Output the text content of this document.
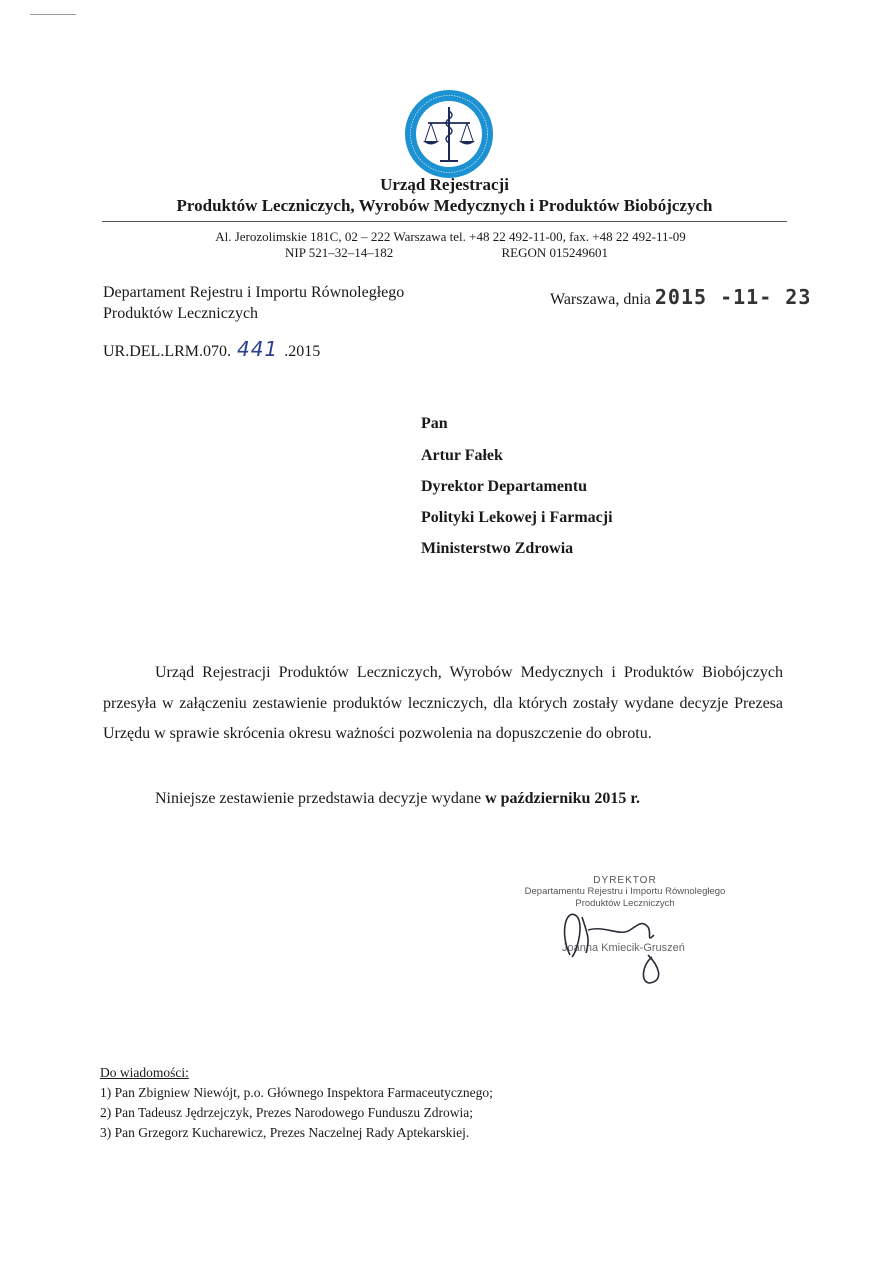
Urząd Rejestracji
Produktów Leczniczych, Wyrobów Medycznych i Produktów Biobójczych
Al. Jerozolimskie 181C, 02 – 222 Warszawa tel. +48 22 492-11-00, fax. +48 22 492-11-09
NIP 521–32–14–182	REGON 015249601
Departament Rejestru i Importu Równoległego
Produktów Leczniczych
UR.DEL.LRM.070. 441 .2015
Warszawa, dnia 2015 -11- 23
Pan
Artur Fałek
Dyrektor Departamentu
Polityki Lekowej i Farmacji
Ministerstwo Zdrowia
Urząd Rejestracji Produktów Leczniczych, Wyrobów Medycznych i Produktów Biobójczych przesyła w załączeniu zestawienie produktów leczniczych, dla których zostały wydane decyzje Prezesa Urzędu w sprawie skrócenia okresu ważności pozwolenia na dopuszczenie do obrotu.
Niniejsze zestawienie przedstawia decyzje wydane w październiku 2015 r.
DYREKTOR
Departamentu Rejestru i Importu Równoległego
Produktów Leczniczych
Joanna Kmiecik-Gruszeń
Do wiadomości:
1) Pan Zbigniew Niewójt, p.o. Głównego Inspektora Farmaceutycznego;
2) Pan Tadeusz Jędrzejczyk, Prezes Narodowego Funduszu Zdrowia;
3) Pan Grzegorz Kucharewicz, Prezes Naczelnej Rady Aptekarskiej.
